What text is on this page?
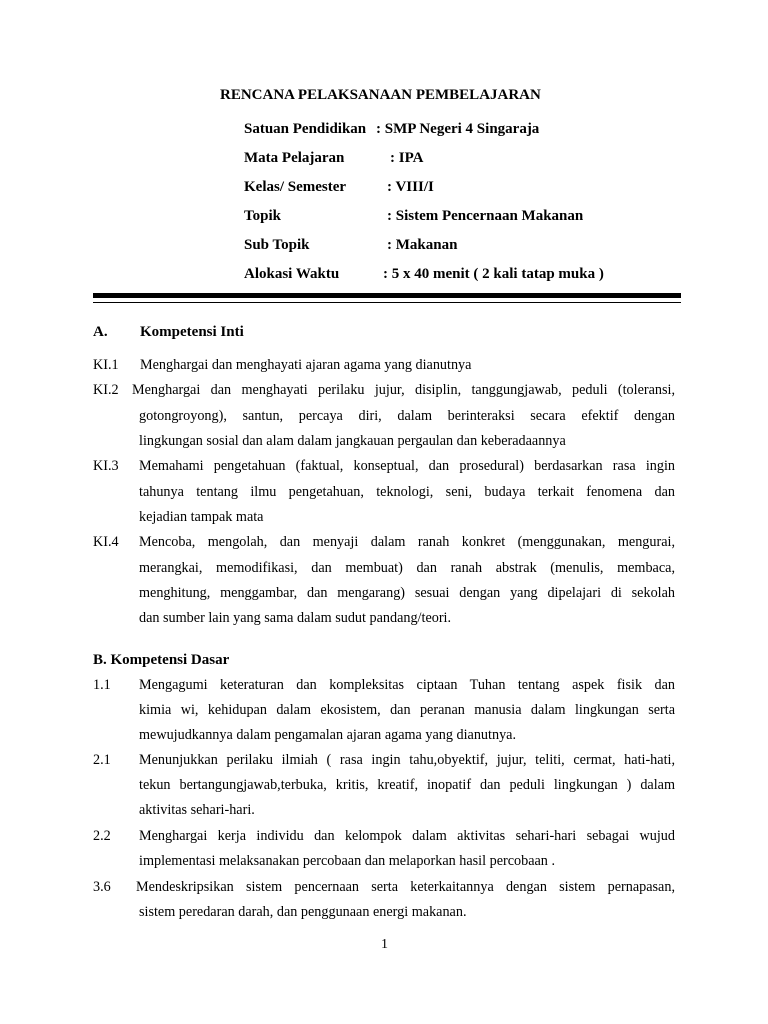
RENCANA PELAKSANAAN PEMBELAJARAN
Satuan Pendidikan : SMP Negeri 4 Singaraja
Mata Pelajaran	: IPA
Kelas/ Semester	: VIII/I
Topik	: Sistem Pencernaan Makanan
Sub Topik	: Makanan
Alokasi Waktu	: 5 x 40 menit ( 2 kali tatap muka )
A. Kompetensi Inti
KI.1 Menghargai dan menghayati ajaran agama yang dianutnya
KI.2 Menghargai dan menghayati perilaku jujur, disiplin, tanggungjawab, peduli (toleransi,
gotongroyong), santun, percaya diri, dalam berinteraksi secara efektif dengan
lingkungan sosial dan alam dalam jangkauan pergaulan dan keberadaannya
KI.3 Memahami pengetahuan (faktual, konseptual, dan prosedural) berdasarkan rasa ingin
tahunya tentang ilmu pengetahuan, teknologi, seni, budaya terkait fenomena dan
kejadian tampak mata
KI.4 Mencoba, mengolah, dan menyaji dalam ranah konkret (menggunakan, mengurai,
merangkai, memodifikasi, dan membuat) dan ranah abstrak (menulis, membaca,
menghitung, menggambar, dan mengarang) sesuai dengan yang dipelajari di sekolah
dan sumber lain yang sama dalam sudut pandang/teori.
B. Kompetensi Dasar
1.1 Mengagumi keteraturan dan kompleksitas ciptaan Tuhan tentang aspek fisik dan
kimia wi, kehidupan dalam ekosistem, dan peranan manusia dalam lingkungan serta
mewujudkannya dalam pengamalan ajaran agama yang dianutnya.
2.1 Menunjukkan perilaku ilmiah ( rasa ingin tahu,obyektif, jujur, teliti, cermat, hati-hati,
tekun bertangungjawab,terbuka, kritis, kreatif, inopatif dan peduli lingkungan ) dalam
aktivitas sehari-hari.
2.2 Menghargai kerja individu dan kelompok dalam aktivitas sehari-hari sebagai wujud
implementasi melaksanakan percobaan dan melaporkan hasil percobaan .
3.6 Mendeskripsikan sistem pencernaan serta keterkaitannya dengan sistem pernapasan,
sistem peredaran darah, dan penggunaan energi makanan.
1
